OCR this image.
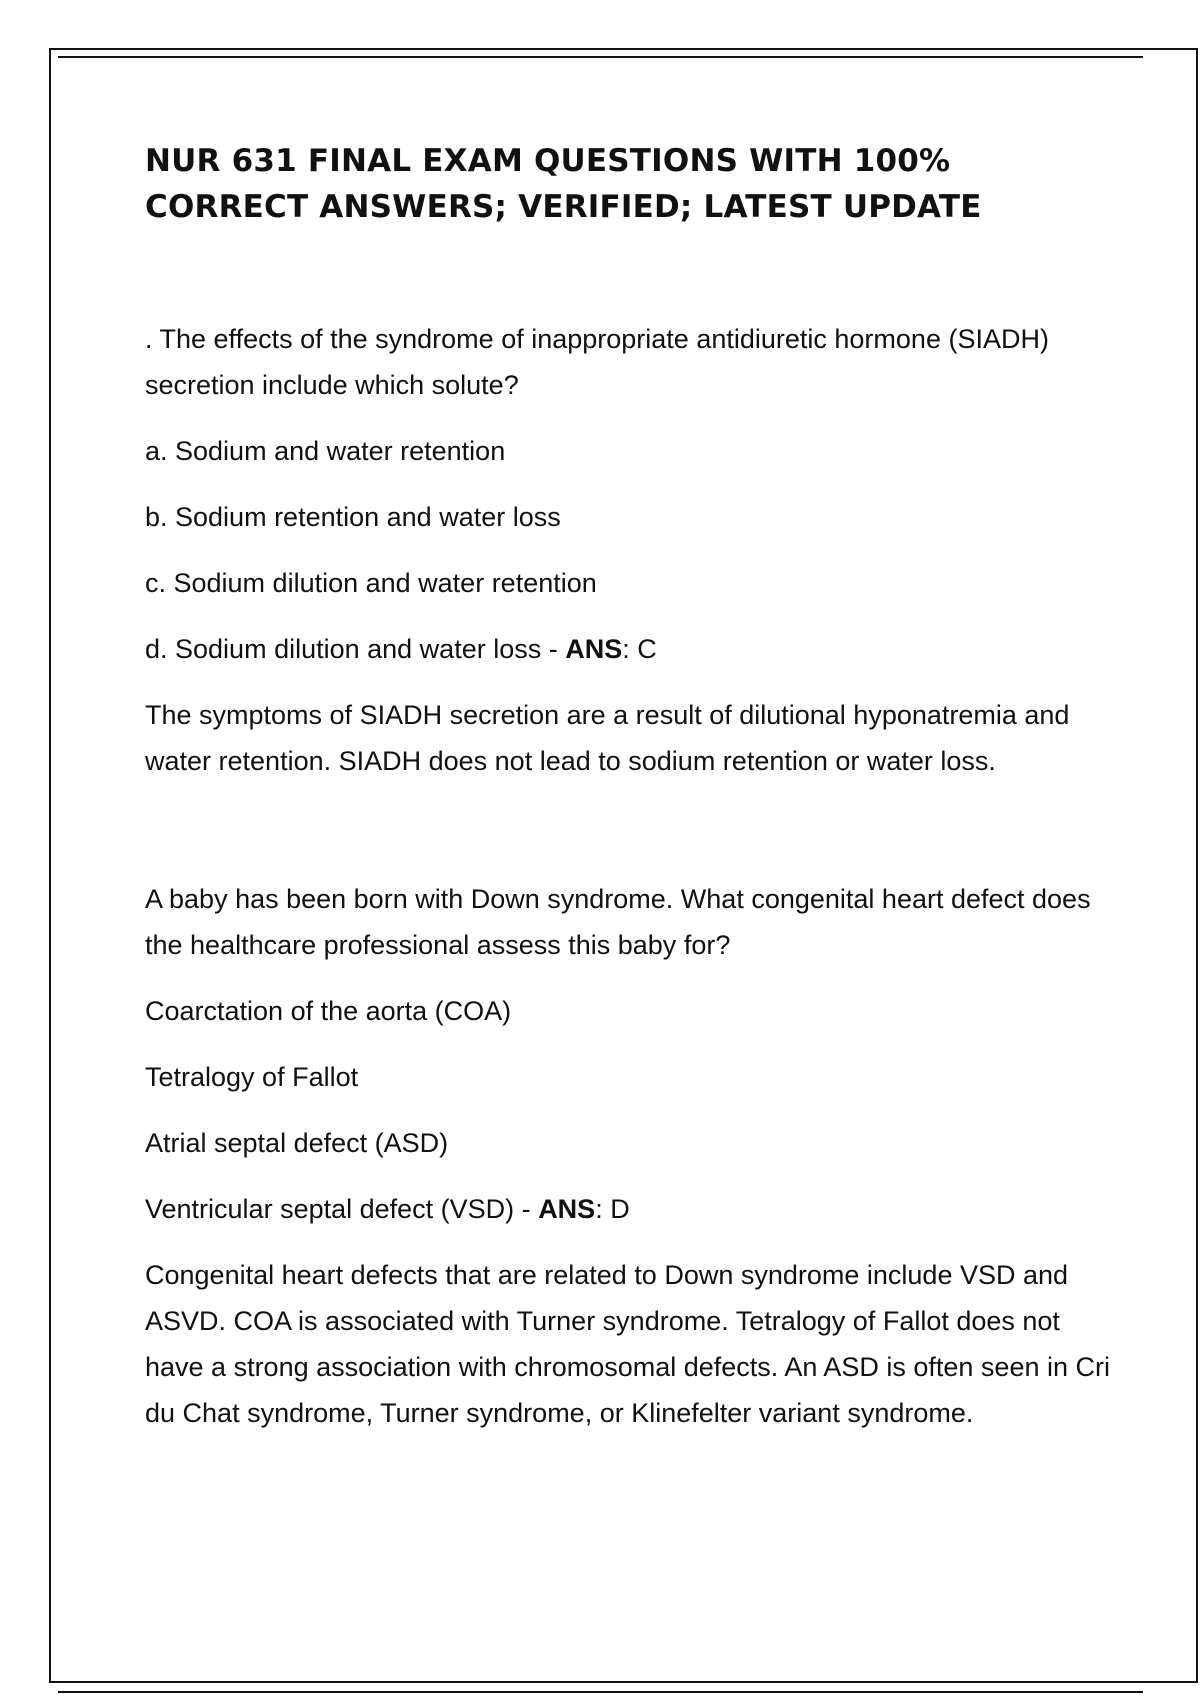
NUR 631 FINAL EXAM QUESTIONS WITH 100% CORRECT ANSWERS; VERIFIED; LATEST UPDATE

. The effects of the syndrome of inappropriate antidiuretic hormone (SIADH) secretion include which solute?

a. Sodium and water retention

b. Sodium retention and water loss

c. Sodium dilution and water retention

d. Sodium dilution and water loss - ANS: C

The symptoms of SIADH secretion are a result of dilutional hyponatremia and water retention. SIADH does not lead to sodium retention or water loss.

A baby has been born with Down syndrome. What congenital heart defect does the healthcare professional assess this baby for?

Coarctation of the aorta (COA)

Tetralogy of Fallot

Atrial septal defect (ASD)

Ventricular septal defect (VSD) - ANS: D

Congenital heart defects that are related to Down syndrome include VSD and ASVD. COA is associated with Turner syndrome. Tetralogy of Fallot does not have a strong association with chromosomal defects. An ASD is often seen in Cri du Chat syndrome, Turner syndrome, or Klinefelter variant syndrome.
